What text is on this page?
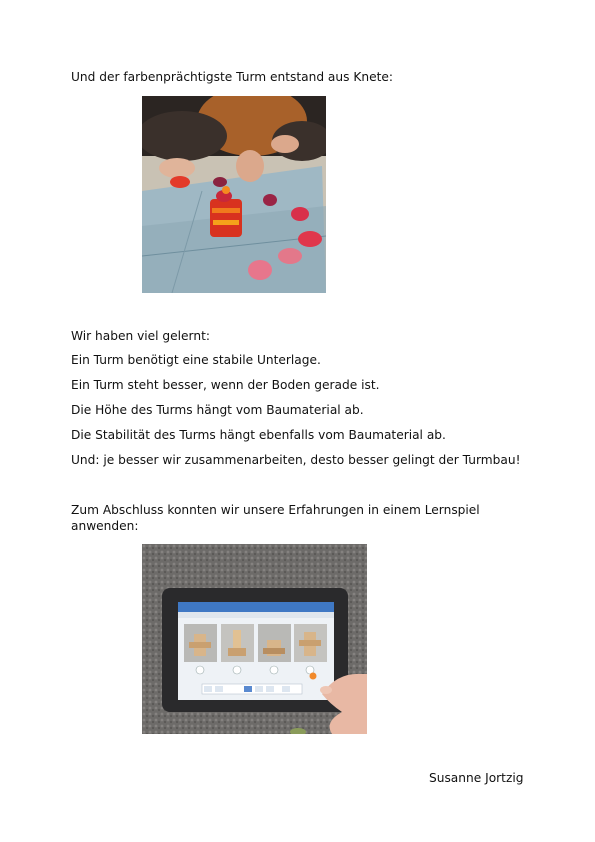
Und der farbenprächtigste Turm entstand aus Knete:
Wir haben viel gelernt:
Ein Turm benötigt eine stabile Unterlage.
Ein Turm steht besser, wenn der Boden gerade ist.
Die Höhe des Turms hängt vom Baumaterial ab.
Die Stabilität des Turms hängt ebenfalls vom Baumaterial ab.
Und: je besser wir zusammenarbeiten, desto besser gelingt der Turmbau!
Zum Abschluss konnten wir unsere Erfahrungen in einem Lernspiel
anwenden:
Susanne Jortzig
